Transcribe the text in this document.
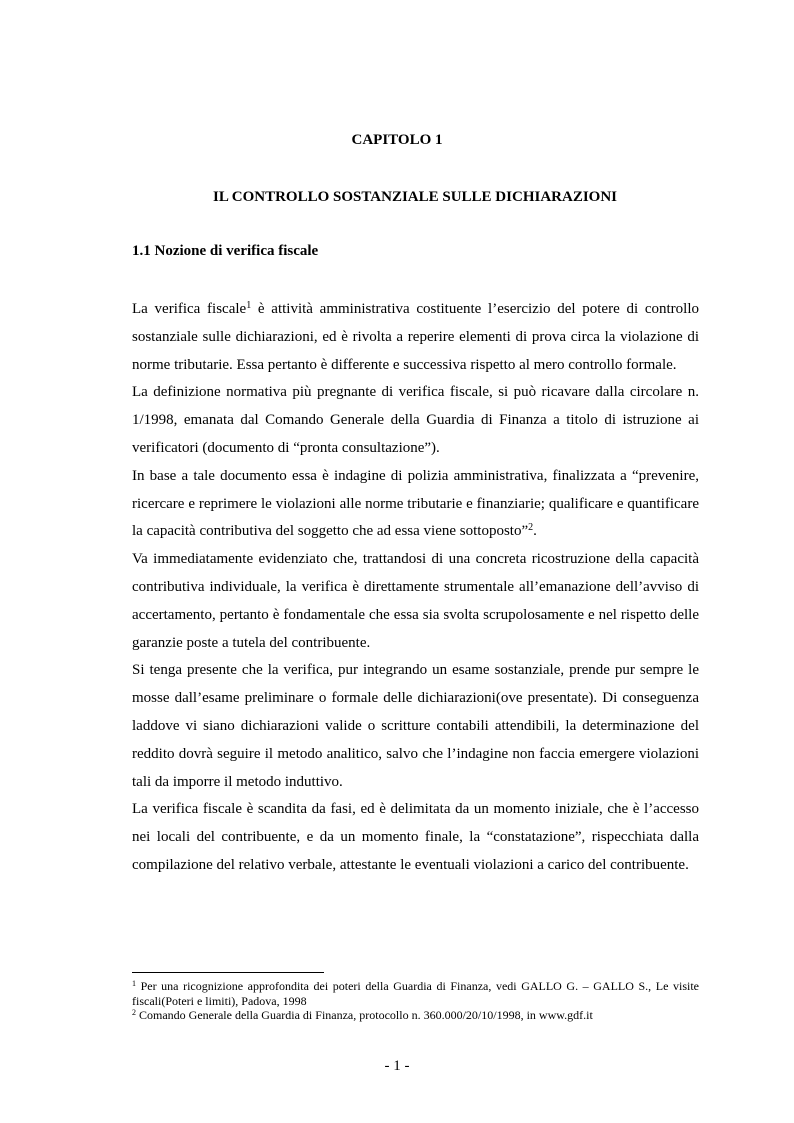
CAPITOLO 1
IL CONTROLLO SOSTANZIALE SULLE DICHIARAZIONI
1.1 Nozione di verifica fiscale

La verifica fiscale$^1$ è attività amministrativa costituente l’esercizio del potere di controllo sostanziale sulle dichiarazioni, ed è rivolta a reperire elementi di prova circa la violazione di norme tributarie. Essa pertanto è differente e successiva rispetto al mero controllo formale.

La definizione normativa più pregnante di verifica fiscale, si può ricavare dalla circolare n. 1/1998, emanata dal Comando Generale della Guardia di Finanza a titolo di istruzione ai verificatori (documento di “pronta consultazione”).

In base a tale documento essa è indagine di polizia amministrativa, finalizzata a “prevenire, ricercare e reprimere le violazioni alle norme tributarie e finanziarie; qualificare e quantificare la capacità contributiva del soggetto che ad essa viene sottoposto”$^2$.

Va immediatamente evidenziato che, trattandosi di una concreta ricostruzione della capacità contributiva individuale, la verifica è direttamente strumentale all’emanazione dell’avviso di accertamento, pertanto è fondamentale che essa sia svolta scrupolosamente e nel rispetto delle garanzie poste a tutela del contribuente.

Si tenga presente che la verifica, pur integrando un esame sostanziale, prende pur sempre le mosse dall’esame preliminare o formale delle dichiarazioni(ove presentate). Di conseguenza laddove vi siano dichiarazioni valide o scritture contabili attendibili, la determinazione del reddito dovrà seguire il metodo analitico, salvo che l’indagine non faccia emergere violazioni tali da imporre il metodo induttivo.

La verifica fiscale è scandita da fasi, ed è delimitata da un momento iniziale, che è l’accesso nei locali del contribuente, e da un momento finale, la “constatazione”, rispecchiata dalla compilazione del relativo verbale, attestante le eventuali violazioni a carico del contribuente.

$^1$ Per una ricognizione approfondita dei poteri della Guardia di Finanza, vedi GALLO G. – GALLO S., Le visite fiscali(Poteri e limiti), Padova, 1998

$^2$ Comando Generale della Guardia di Finanza, protocollo n. 360.000/20/10/1998, in www.gdf.it

- 1 -
